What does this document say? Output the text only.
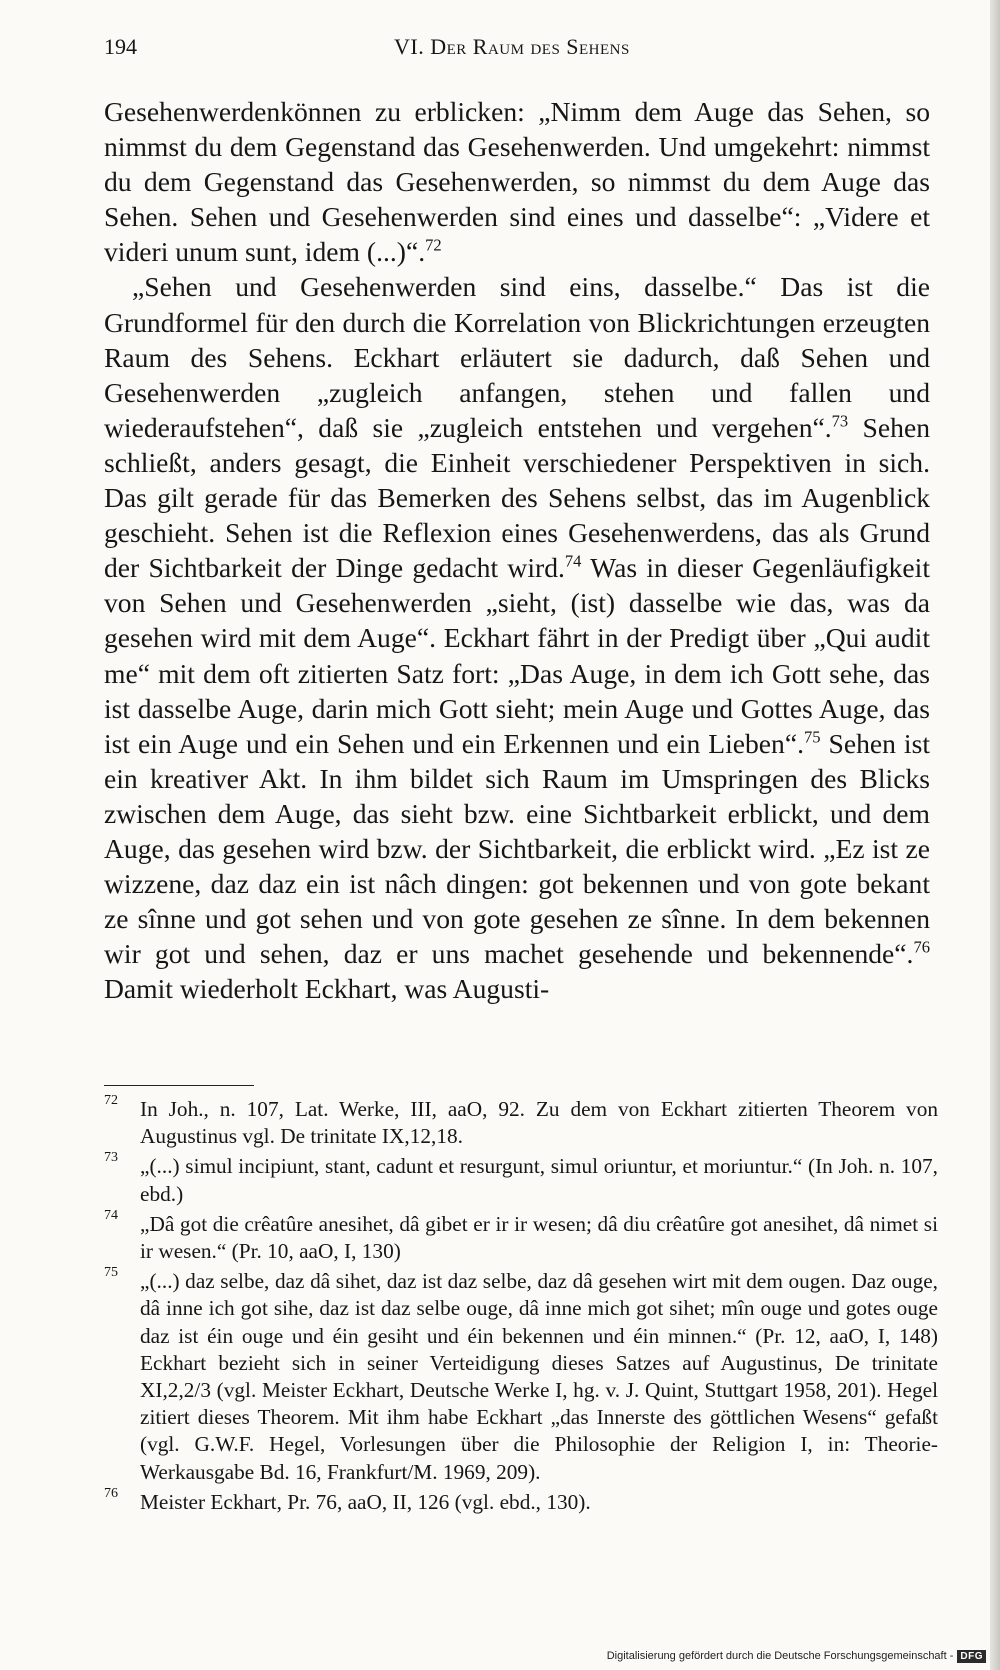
194	VI. Der Raum des Sehens

Gesehenwerdenkönnen zu erblicken: „Nimm dem Auge das Sehen, so nimmst du dem Gegenstand das Gesehenwerden. Und umgekehrt: nimmst du dem Gegenstand das Gesehenwerden, so nimmst du dem Auge das Sehen. Sehen und Gesehenwerden sind eines und dasselbe“: „Videre et videri unum sunt, idem (...)“.$^{72}$

„Sehen und Gesehenwerden sind eins, dasselbe.“ Das ist die Grundformel für den durch die Korrelation von Blickrichtungen erzeugten Raum des Sehens. Eckhart erläutert sie dadurch, daß Sehen und Gesehenwerden „zugleich anfangen, stehen und fallen und wiederaufstehen“, daß sie „zugleich entstehen und vergehen“.$^{73}$ Sehen schließt, anders gesagt, die Einheit verschiedener Perspektiven in sich. Das gilt gerade für das Bemerken des Sehens selbst, das im Augenblick geschieht. Sehen ist die Reflexion eines Gesehenwerdens, das als Grund der Sichtbarkeit der Dinge gedacht wird.$^{74}$ Was in dieser Gegenläufigkeit von Sehen und Gesehenwerden „sieht, (ist) dasselbe wie das, was da gesehen wird mit dem Auge“. Eckhart fährt in der Predigt über „Qui audit me“ mit dem oft zitierten Satz fort: „Das Auge, in dem ich Gott sehe, das ist dasselbe Auge, darin mich Gott sieht; mein Auge und Gottes Auge, das ist ein Auge und ein Sehen und ein Erkennen und ein Lieben“.$^{75}$ Sehen ist ein kreativer Akt. In ihm bildet sich Raum im Umspringen des Blicks zwischen dem Auge, das sieht bzw. eine Sichtbarkeit erblickt, und dem Auge, das gesehen wird bzw. der Sichtbarkeit, die erblickt wird. „Ez ist ze wizzene, daz daz ein ist nâch dingen: got bekennen und von gote bekant ze sînne und got sehen und von gote gesehen ze sînne. In dem bekennen wir got und sehen, daz er uns machet gesehende und bekennende“.$^{76}$ Damit wiederholt Eckhart, was Augusti-

72 In Joh., n. 107, Lat. Werke, III, aaO, 92. Zu dem von Eckhart zitierten Theorem von Augustinus vgl. De trinitate IX,12,18.
73 „(...) simul incipiunt, stant, cadunt et resurgunt, simul oriuntur, et moriuntur.“ (In Joh. n. 107, ebd.)
74 „Dâ got die crêatûre anesihet, dâ gibet er ir ir wesen; dâ diu crêatûre got anesihet, dâ nimet si ir wesen.“ (Pr. 10, aaO, I, 130)
75 „(...) daz selbe, daz dâ sihet, daz ist daz selbe, daz dâ gesehen wirt mit dem ougen. Daz ouge, dâ inne ich got sihe, daz ist daz selbe ouge, dâ inne mich got sihet; mîn ouge und gotes ouge daz ist éin ouge und éin gesiht und éin bekennen und éin minnen.“ (Pr. 12, aaO, I, 148) Eckhart bezieht sich in seiner Verteidigung dieses Satzes auf Augustinus, De trinitate XI,2,2/3 (vgl. Meister Eckhart, Deutsche Werke I, hg. v. J. Quint, Stuttgart 1958, 201). Hegel zitiert dieses Theorem. Mit ihm habe Eckhart „das Innerste des göttlichen Wesens“ gefaßt (vgl. G.W.F. Hegel, Vorlesungen über die Philosophie der Religion I, in: Theorie-Werkausgabe Bd. 16, Frankfurt/M. 1969, 209).
76 Meister Eckhart, Pr. 76, aaO, II, 126 (vgl. ebd., 130).
Digitalisierung gefördert durch die Deutsche Forschungsgemeinschaft - DFG
